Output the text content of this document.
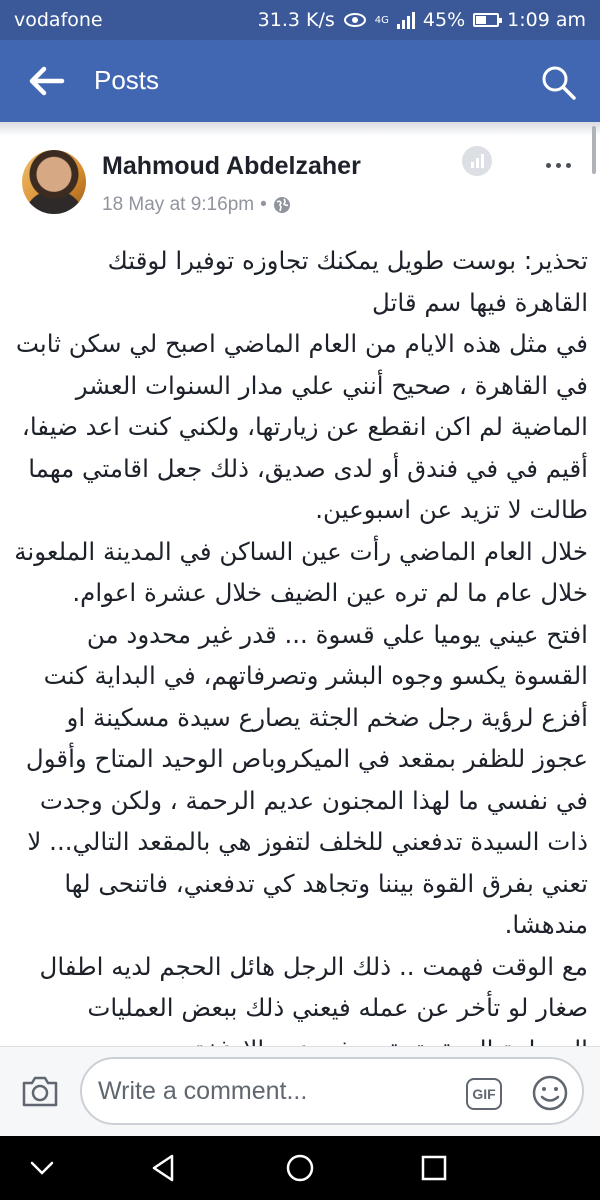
vodafone	31.3 K/s	4G 45% 1:09 am
Posts
Mahmoud Abdelzaher
18 May at 9:16pm •

تحذير: بوست طويل يمكنك تجاوزه توفيرا لوقتك

القاهرة فيها سم قاتل

في مثل هذه الايام من العام الماضي اصبح لي سكن ثابت في القاهرة ، صحيح أنني علي مدار السنوات العشر الماضية لم اكن انقطع عن زيارتها، ولكني كنت اعد ضيفا، أقيم في في فندق أو لدى صديق، ذلك جعل اقامتي مهما طالت لا تزيد عن اسبوعين.

خلال العام الماضي رأت عين الساكن في المدينة الملعونة خلال عام ما لم تره عين الضيف خلال عشرة اعوام.

افتح عيني يوميا علي قسوة ... قدر غير محدود من القسوة يكسو وجوه البشر وتصرفاتهم، في البداية كنت أفزع لرؤية رجل ضخم الجثة يصارع سيدة مسكينة او عجوز للظفر بمقعد في الميكروباص الوحيد المتاح وأقول في نفسي ما لهذا المجنون عديم الرحمة ، ولكن وجدت ذات السيدة تدفعني للخلف لتفوز هي بالمقعد التالي... لا تعني بفرق القوة بيننا وتجاهد كي تدفعني، فاتنحى لها مندهشا.

مع الوقت فهمت .. ذلك الرجل هائل الحجم لديه اطفال صغار لو تأخر عن عمله فيعني ذلك ببعض العمليات

Write a comment...	GIF
